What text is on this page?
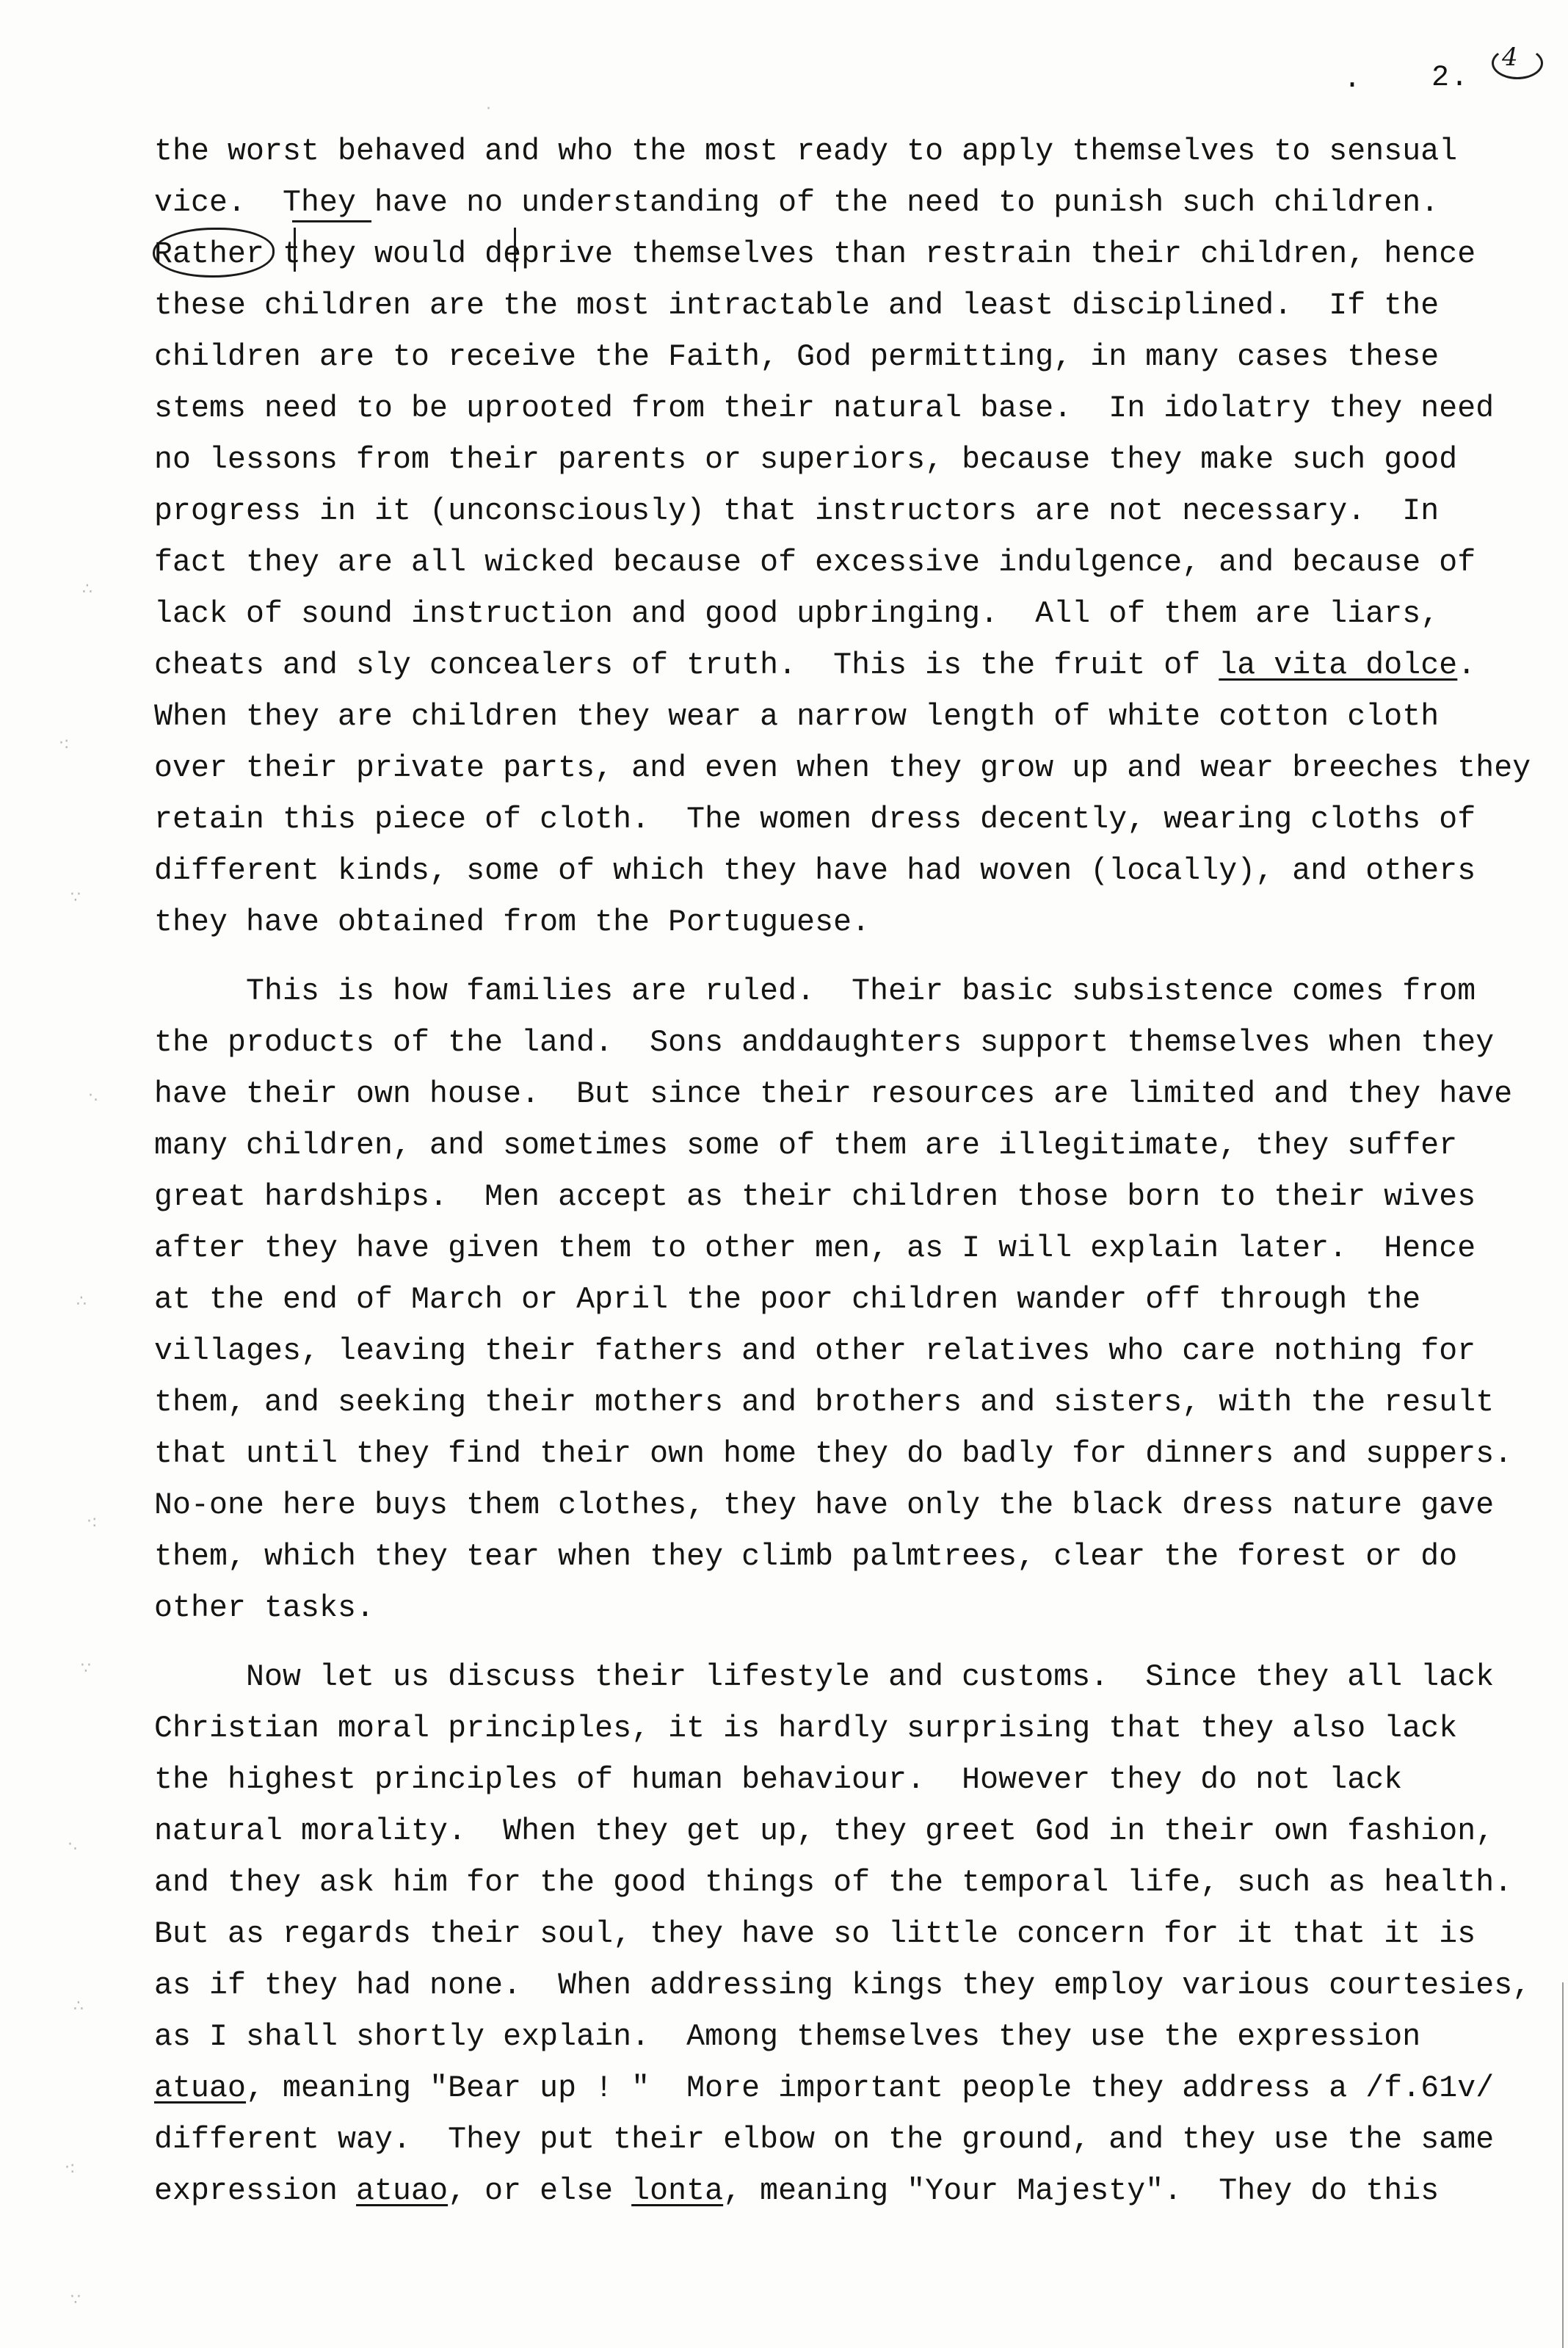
. 2.
4
∴
·:
∵
·.
∴
·:
∵
·.
∴
·:
∵
·
the worst behaved and who the most ready to apply themselves to sensual
vice.  They have no understanding of the need to punish such children.
Rather they would deprive themselves than restrain their children, hence
these children are the most intractable and least disciplined.  If the
children are to receive the Faith, God permitting, in many cases these
stems need to be uprooted from their natural base.  In idolatry they need
no lessons from their parents or superiors, because they make such good
progress in it (unconsciously) that instructors are not necessary.  In
fact they are all wicked because of excessive indulgence, and because of
lack of sound instruction and good upbringing.  All of them are liars,
cheats and sly concealers of truth.  This is the fruit of la vita dolce.
When they are children they wear a narrow length of white cotton cloth
over their private parts, and even when they grow up and wear breeches they
retain this piece of cloth.  The women dress decently, wearing cloths of
different kinds, some of which they have had woven (locally), and others
they have obtained from the Portuguese.
This is how families are ruled.  Their basic subsistence comes from
the products of the land.  Sons anddaughters support themselves when they
have their own house.  But since their resources are limited and they have
many children, and sometimes some of them are illegitimate, they suffer
great hardships.  Men accept as their children those born to their wives
after they have given them to other men, as I will explain later.  Hence
at the end of March or April the poor children wander off through the
villages, leaving their fathers and other relatives who care nothing for
them, and seeking their mothers and brothers and sisters, with the result
that until they find their own home they do badly for dinners and suppers.
No-one here buys them clothes, they have only the black dress nature gave
them, which they tear when they climb palmtrees, clear the forest or do
other tasks.
Now let us discuss their lifestyle and customs.  Since they all lack
Christian moral principles, it is hardly surprising that they also lack
the highest principles of human behaviour.  However they do not lack
natural morality.  When they get up, they greet God in their own fashion,
and they ask him for the good things of the temporal life, such as health.
But as regards their soul, they have so little concern for it that it is
as if they had none.  When addressing kings they employ various courtesies,
as I shall shortly explain.  Among themselves they use the expression
atuao, meaning "Bear up ! "  More important people they address a /f.61v/
different way.  They put their elbow on the ground, and they use the same
expression atuao, or else lonta, meaning "Your Majesty".  They do this
